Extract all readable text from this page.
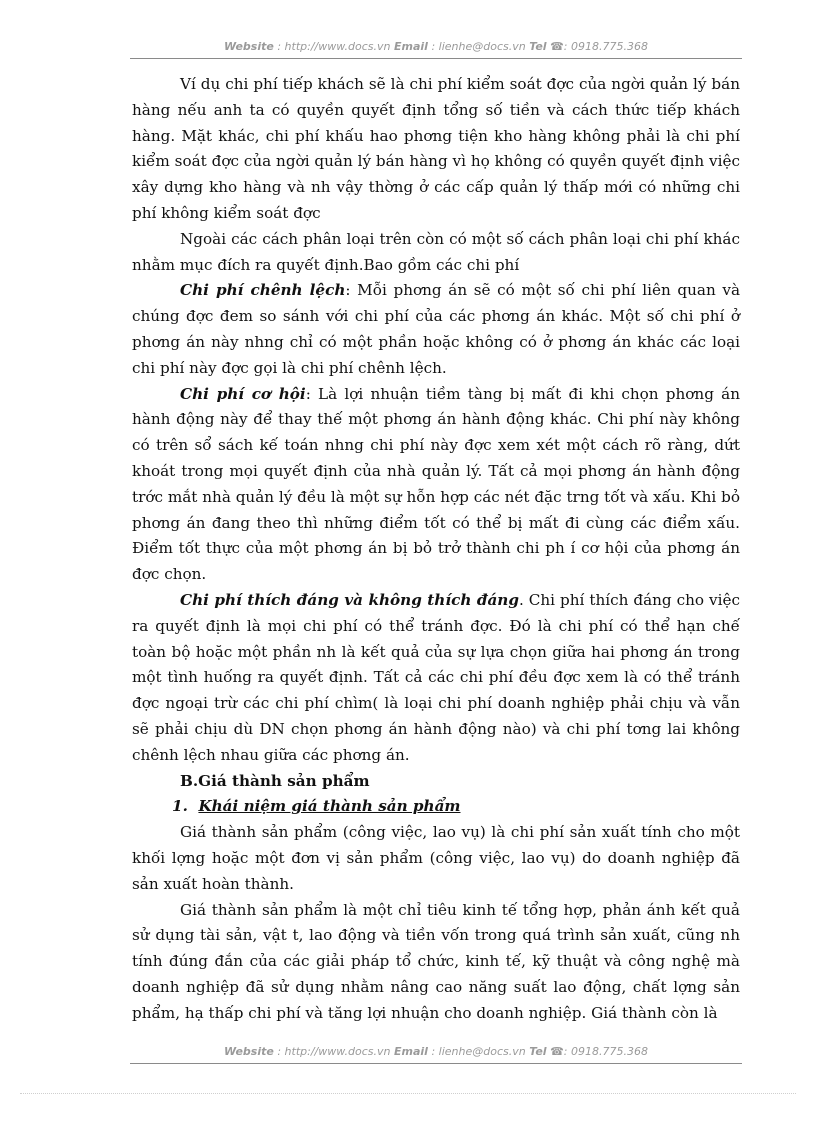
Website : http://www.docs.vn Email : lienhe@docs.vn Tel ☎: 0918.775.368

Ví dụ chi phí tiếp khách sẽ là chi phí kiểm soát đợc của ngời quản lý bán hàng nếu anh ta có quyền quyết định tổng số tiền và cách thức tiếp khách hàng. Mặt khác, chi phí khấu hao phơng tiện kho hàng không phải là chi phí kiểm soát đợc của ngời quản lý bán hàng vì họ không có quyền quyết định việc xây dựng kho hàng và nh vậy thờng ở các cấp quản lý thấp mới có những chi phí không kiểm soát đợc

Ngoài các cách phân loại trên còn có một số cách phân loại chi phí khác nhằm mục đích ra quyết định.Bao gồm các chi phí

Chi phí chênh lệch: Mỗi phơng án sẽ có một số chi phí liên quan và chúng đợc đem so sánh với chi phí của các phơng án khác. Một số chi phí ở phơng án này nhng chỉ có một phần hoặc không có ở phơng án khác các loại chi phí này đợc gọi là chi phí chênh lệch.

Chi phí cơ hội: Là lợi nhuận tiềm tàng bị mất đi khi chọn phơng án hành động này để thay thế một phơng án hành động khác. Chi phí này không có trên sổ sách kế toán nhng chi phí này đợc xem xét một cách rõ ràng, dứt khoát trong mọi quyết định của nhà quản lý. Tất cả mọi phơng án hành động trớc mắt nhà quản lý đều là một sự hỗn hợp các nét đặc trng tốt và xấu. Khi bỏ phơng án đang theo thì những điểm tốt có thể bị mất đi cùng các điểm xấu. Điểm tốt thực của một phơng án bị bỏ trở thành chi ph í cơ hội của phơng án đợc chọn.

Chi phí thích đáng và không thích đáng. Chi phí thích đáng cho việc ra quyết định là mọi chi phí có thể tránh đợc. Đó là chi phí có thể hạn chế toàn bộ hoặc một phần nh là kết quả của sự lựa chọn giữa hai phơng án trong một tình huống ra quyết định. Tất cả các chi phí đều đợc xem là có thể tránh đợc ngoại trừ các chi phí chìm( là loại chi phí doanh nghiệp phải chịu và vẫn sẽ phải chịu dù DN chọn phơng án hành động nào) và chi phí tơng lai không chênh lệch nhau giữa các phơng án.

B.Giá thành sản phẩm
1. Khái niệm giá thành sản phẩm

Giá thành sản phẩm (công việc, lao vụ) là chi phí sản xuất tính cho một khối lợng hoặc một đơn vị sản phẩm (công việc, lao vụ) do doanh nghiệp đã sản xuất hoàn thành.

Giá thành sản phẩm là một chỉ tiêu kinh tế tổng hợp, phản ánh kết quả sử dụng tài sản, vật t, lao động và tiền vốn trong quá trình sản xuất, cũng nh tính đúng đắn của các giải pháp tổ chức, kinh tế, kỹ thuật và công nghệ mà doanh nghiệp đã sử dụng nhằm nâng cao năng suất lao động, chất lợng sản phẩm, hạ thấp chi phí và tăng lợi nhuận cho doanh nghiệp. Giá thành còn là

Website : http://www.docs.vn Email : lienhe@docs.vn Tel ☎: 0918.775.368
